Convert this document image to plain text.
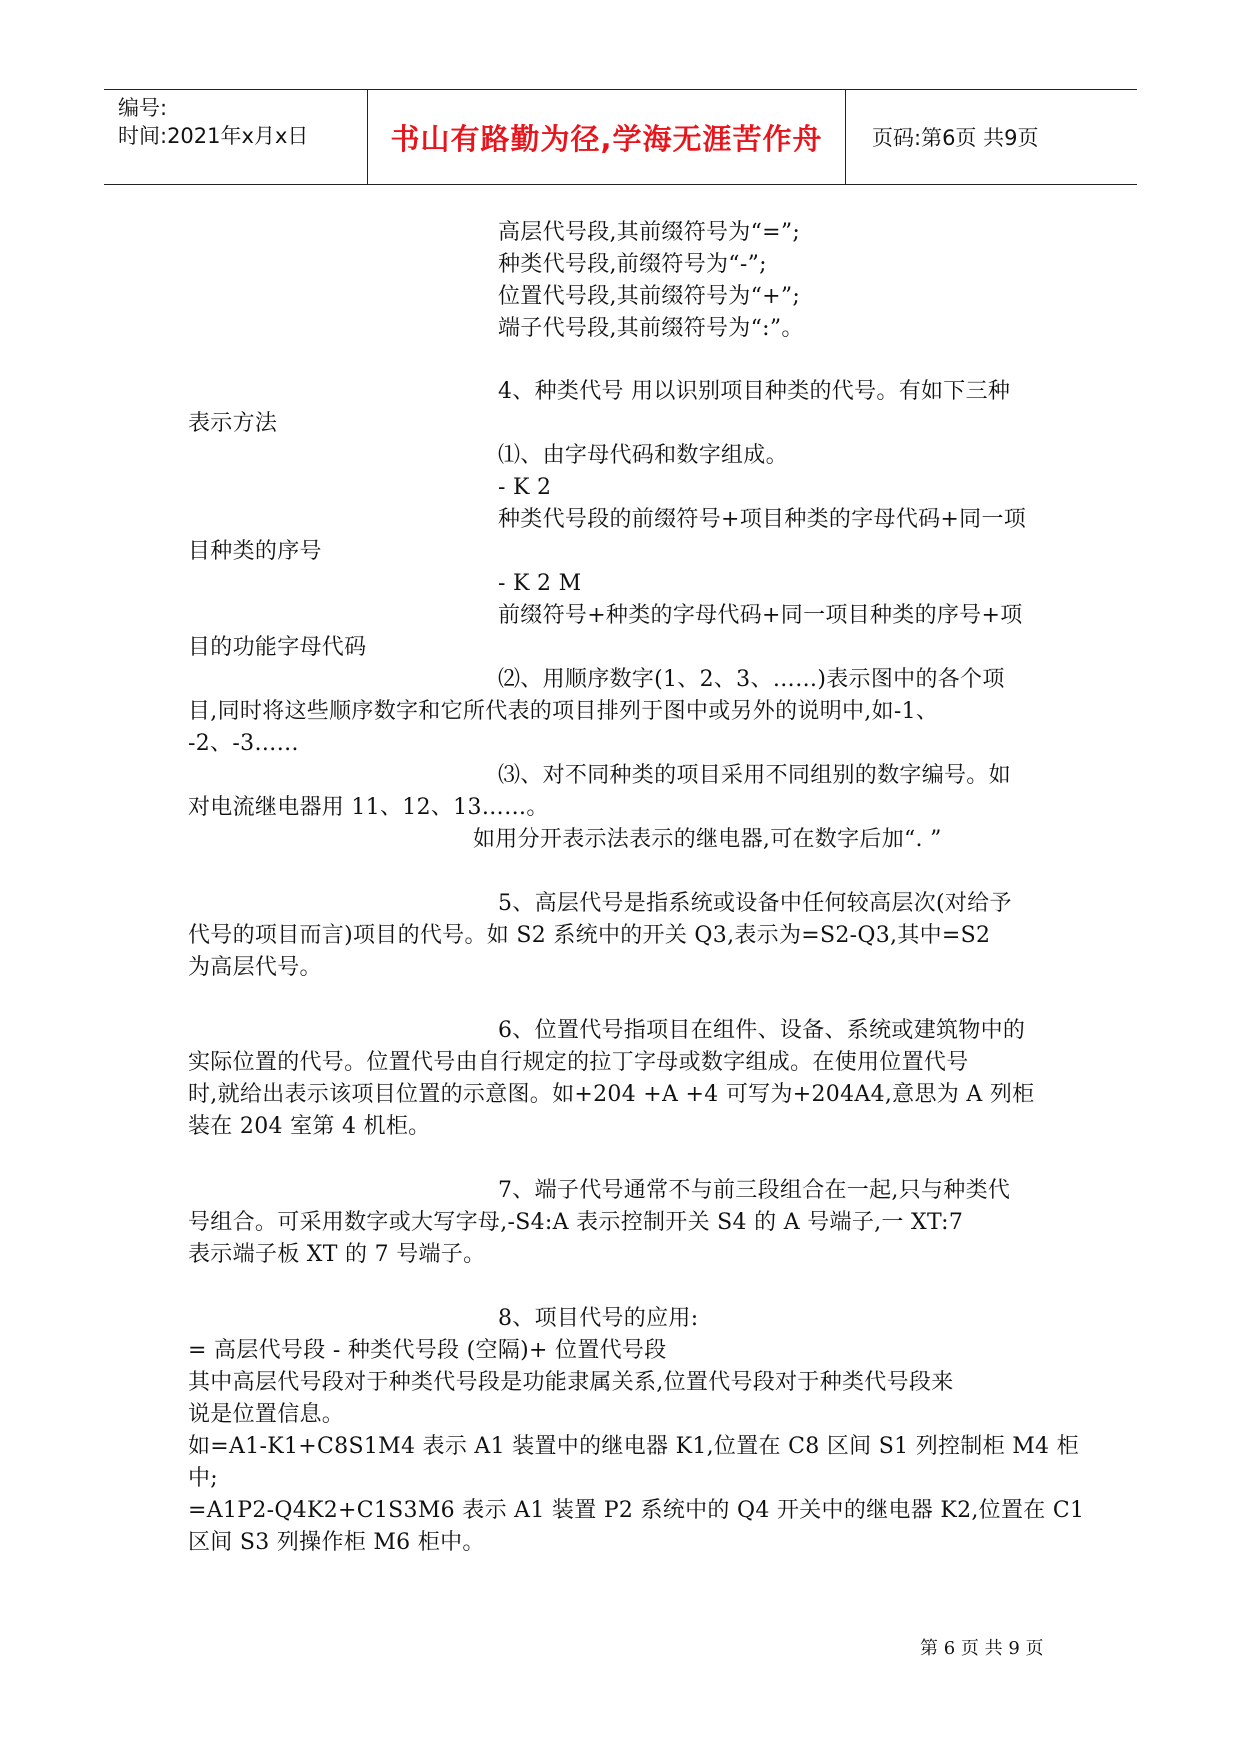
编号:
时间:2021年x月x日	书山有路勤为径,学海无涯苦作舟	页码:第6页 共9页
高层代号段,其前缀符号为“=”;
种类代号段,前缀符号为“-”;
位置代号段,其前缀符号为“+”;
端子代号段,其前缀符号为“:”。
4、种类代号 用以识别项目种类的代号。有如下三种
表示方法
⑴、由字母代码和数字组成。
- K 2
种类代号段的前缀符号+项目种类的字母代码+同一项
目种类的序号
- K 2 M
前缀符号+种类的字母代码+同一项目种类的序号+项
目的功能字母代码
⑵、用顺序数字(1、2、3、……)表示图中的各个项
目,同时将这些顺序数字和它所代表的项目排列于图中或另外的说明中,如-1、
-2、-3……
⑶、对不同种类的项目采用不同组别的数字编号。如
对电流继电器用 11、12、13……。
如用分开表示法表示的继电器,可在数字后加“. ”
5、高层代号是指系统或设备中任何较高层次(对给予
代号的项目而言)项目的代号。如 S2 系统中的开关 Q3,表示为=S2-Q3,其中=S2
为高层代号。
6、位置代号指项目在组件、设备、系统或建筑物中的
实际位置的代号。位置代号由自行规定的拉丁字母或数字组成。在使用位置代号
时,就给出表示该项目位置的示意图。如+204 +A +4 可写为+204A4,意思为 A 列柜
装在 204 室第 4 机柜。
7、端子代号通常不与前三段组合在一起,只与种类代
号组合。可采用数字或大写字母,-S4:A 表示控制开关 S4 的 A 号端子,一 XT:7
表示端子板 XT 的 7 号端子。
8、项目代号的应用:
= 高层代号段 - 种类代号段 (空隔)+ 位置代号段
其中高层代号段对于种类代号段是功能隶属关系,位置代号段对于种类代号段来
说是位置信息。
如=A1-K1+C8S1M4 表示 A1 装置中的继电器 K1,位置在 C8 区间 S1 列控制柜 M4 柜
中;
=A1P2-Q4K2+C1S3M6 表示 A1 装置 P2 系统中的 Q4 开关中的继电器 K2,位置在 C1
区间 S3 列操作柜 M6 柜中。
第 6 页 共 9 页
